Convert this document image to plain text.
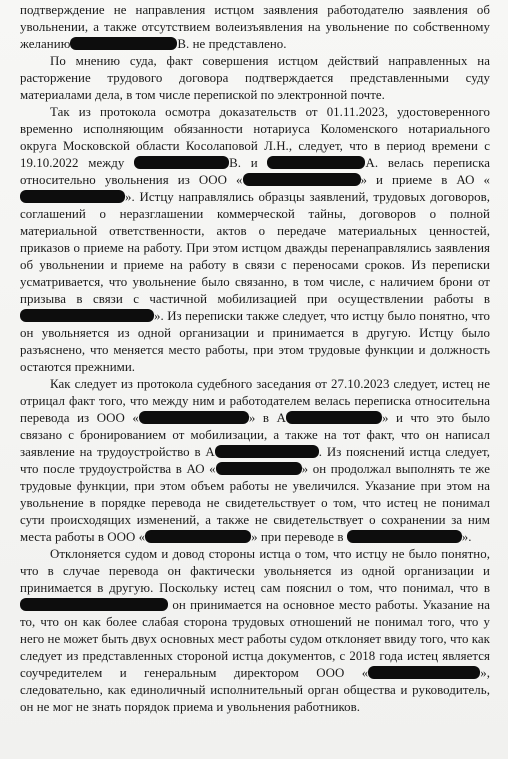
подтверждение не направления истцом заявления работодателю заявления об увольнении, а также отсутствием волеизъявления на увольнение по собственному желанию	В. не представлено.

По мнению суда, факт совершения истцом действий направленных на расторжение трудового договора подтверждается представленными суду материалами дела, в том числе перепиской по электронной почте.

Так из протокола осмотра доказательств от 01.11.2023, удостоверенного временно исполняющим обязанности нотариуса Коломенского нотариального округа Московской области Косолаповой Л.Н., следует, что в период времени с 19.10.2022 между	В. и	А. велась переписка относительно увольнения из ООО «	» и приеме в АО «». Истцу направлялись образцы заявлений, трудовых договоров, соглашений о неразглашении коммерческой тайны, договоров о полной материальной ответственности, актов о передаче материальных ценностей, приказов о приеме на работу. При этом истцом дважды перенаправлялись заявления об увольнении и приеме на работу в связи с переносами сроков. Из переписки усматривается, что увольнение было связанно, в том числе, с наличием брони от призыва в связи с частичной мобилизацией при осуществлении работы в ». Из переписки также следует, что истцу было понятно, что он увольняется из одной организации и принимается в другую. Истцу было разъяснено, что меняется место работы, при этом трудовые функции и должность остаются прежними.

Как следует из протокола судебного заседания от 27.10.2023 следует, истец не отрицал факт того, что между ним и работодателем велась переписка относительна перевода из ООО «	» в А	» и что это было связано с бронированием от мобилизации, а также на тот факт, что он написал заявление на трудоустройство в А	. Из пояснений истца следует, что после трудоустройства в АО «	» он продолжал выполнять те же трудовые функции, при этом объем работы не увеличился. Указание при этом на увольнение в порядке перевода не свидетельствует о том, что истец не понимал сути происходящих изменений, а также не свидетельствует о сохранении за ним места работы в ООО «	» при переводе в	».

Отклоняется судом и довод стороны истца о том, что истцу не было понятно, что в случае перевода он фактически увольняется из одной организации и принимается в другую. Поскольку истец сам пояснил о том, что понимал, что в  он принимается на основное место работы. Указание на то, что он как более слабая сторона трудовых отношений не понимал того, что у него не может быть двух основных мест работы судом отклоняет ввиду того, что как следует из представленных стороной истца документов, с 2018 года истец является соучредителем и генеральным директором ООО «	», следовательно, как единоличный исполнительный орган общества и руководитель, он не мог не знать порядок приема и увольнения работников.
